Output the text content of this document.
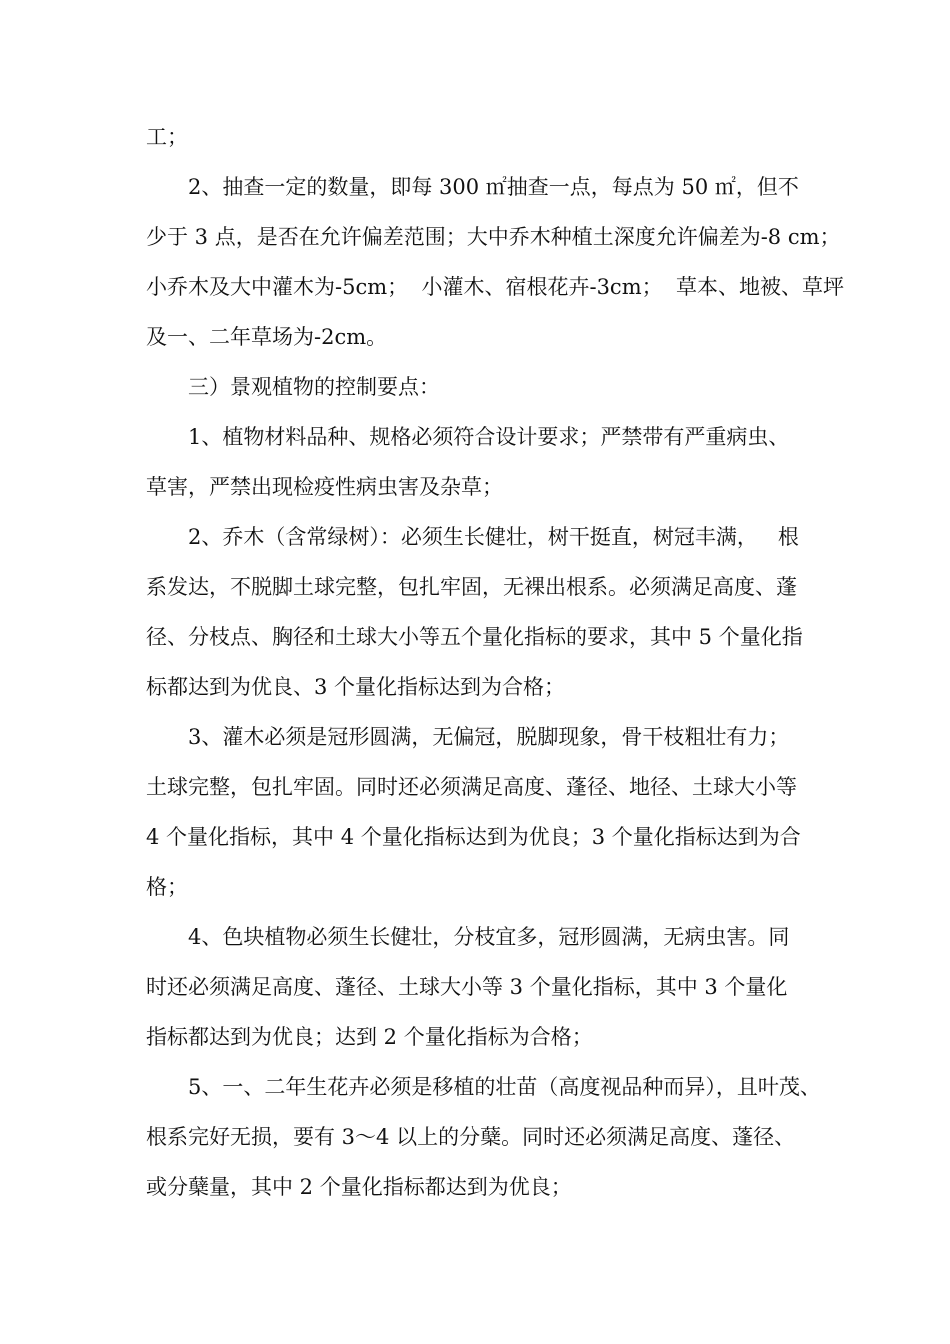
工；
2、抽查一定的数量，即每 300 ㎡抽查一点，每点为 50 ㎡，但不
少于 3 点，是否在允许偏差范围；大中乔木种植土深度允许偏差为-8 cm；
小乔木及大中灌木为-5cm；  小灌木、宿根花卉-3cm；  草本、地被、草坪
及一、二年草场为-2cm。
三）景观植物的控制要点：
1、植物材料品种、规格必须符合设计要求；严禁带有严重病虫、
草害，严禁出现检疫性病虫害及杂草；
2、乔木（含常绿树）：必须生长健壮，树干挺直，树冠丰满，   根
系发达，不脱脚土球完整，包扎牢固，无裸出根系。必须满足高度、蓬
径、分枝点、胸径和土球大小等五个量化指标的要求，其中 5 个量化指
标都达到为优良、3 个量化指标达到为合格；
3、灌木必须是冠形圆满，无偏冠，脱脚现象，骨干枝粗壮有力；
土球完整，包扎牢固。同时还必须满足高度、蓬径、地径、土球大小等
4 个量化指标，其中 4 个量化指标达到为优良；3 个量化指标达到为合
格；
4、色块植物必须生长健壮，分枝宜多，冠形圆满，无病虫害。同
时还必须满足高度、蓬径、土球大小等 3 个量化指标，其中 3 个量化
指标都达到为优良；达到 2 个量化指标为合格；
5、一、二年生花卉必须是移植的壮苗（高度视品种而异），且叶茂、
根系完好无损，要有 3～4 以上的分蘖。同时还必须满足高度、蓬径、
或分蘖量，其中 2 个量化指标都达到为优良；
